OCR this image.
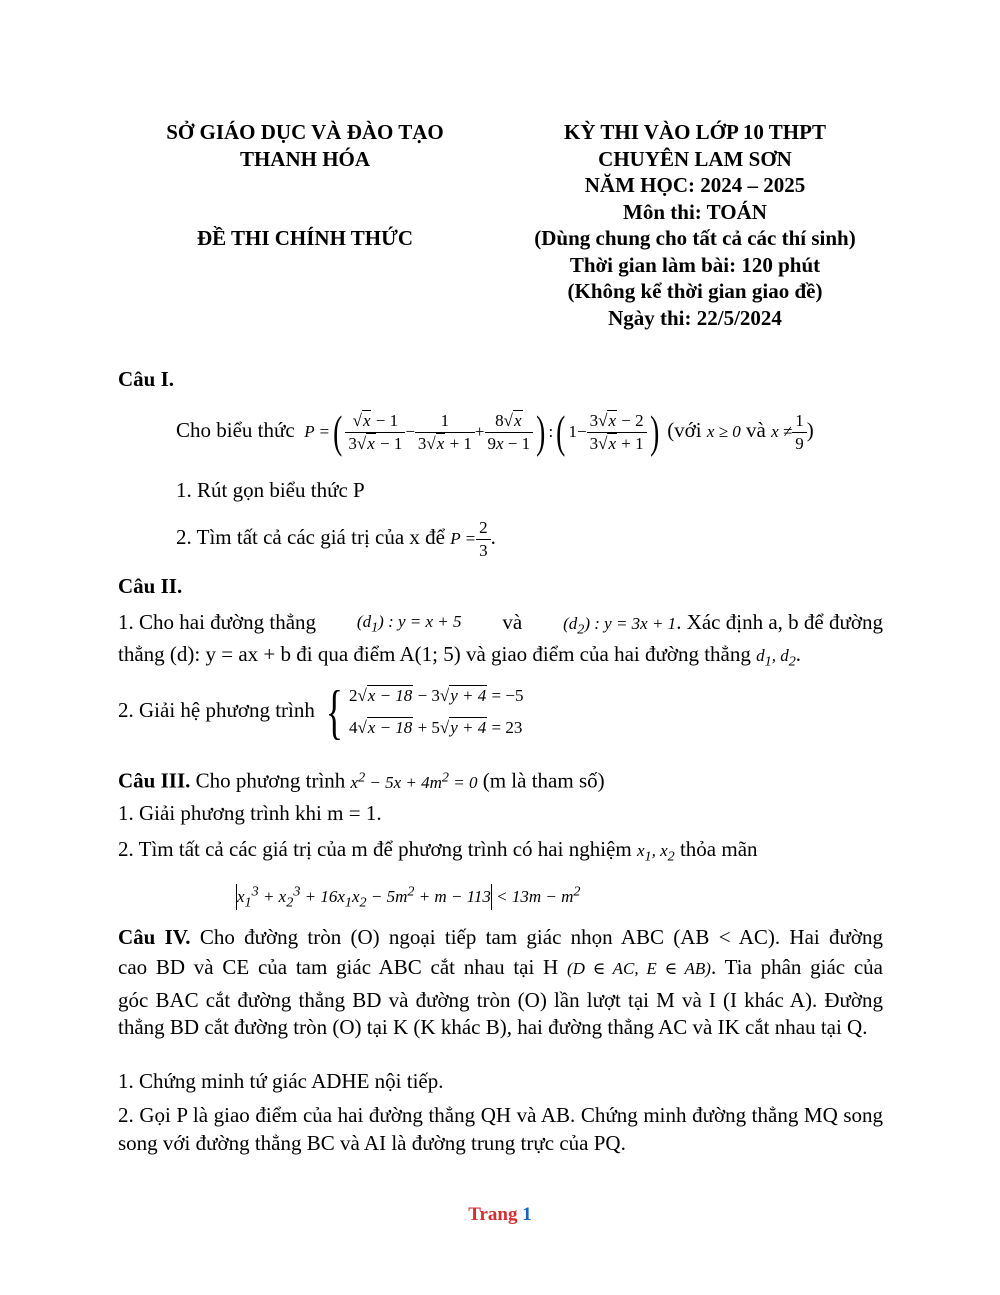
SỞ GIÁO DỤC VÀ ĐÀO TẠO
THANH HÓA
ĐỀ THI CHÍNH THỨC
KỲ THI VÀO LỚP 10 THPT
CHUYÊN LAM SƠN
NĂM HỌC: 2024 – 2025
Môn thi: TOÁN
(Dùng chung cho tất cả các thí sinh)
Thời gian làm bài: 120 phút
(Không kể thời gian giao đề)
Ngày thi: 22/5/2024
Câu I.
Cho biểu thức  P =( $\frac{√x - 1}{3√x - 1} - \frac{1}{3√x + 1} + \frac{8√x}{9x - 1}$ ) :( $1- \frac{3√x - 2}{3√x + 1}$ ) (với x ≥ 0 và $x \ne \frac{1}{9}$ )
1. Rút gọn biểu thức P
2. Tìm tất cả các giá trị của x để $P = \frac{2}{3}$ .
Câu II.
1. Cho hai đường thẳng $(d_1)$ : y = x + 5 và $(d_2)$ : y = 3x + 1. Xác định a, b để đường
thẳng (d): y = ax + b đi qua điểm A(1; 5) và giao điểm của hai đường thẳng $d_1$, $d_2$.
2. Giải hệ phương trình { 2√x − 18 − 3√y + 4 = −5
4√x − 18 + 5√y + 4 = 23
Câu III. Cho phương trình $x^2 - 5x + 4m^2 = 0$ (m là tham số)
1. Giải phương trình khi m = 1.
2. Tìm tất cả các giá trị của m để phương trình có hai nghiệm $x_1$, $x_2$ thỏa mãn
$x_1^3 + x_2^3 + 16x_1x_2 - 5m^2 + m - 113 < 13m - m^2$
Câu IV. Cho đường tròn (O) ngoại tiếp tam giác nhọn ABC (AB < AC). Hai đường
cao BD và CE của tam giác ABC cắt nhau tại H (D ∈ AC, E ∈ AB). Tia phân giác của
góc BAC cắt đường thẳng BD và đường tròn (O) lần lượt tại M và I (I khác A). Đường thẳng BD cắt đường tròn (O) tại K (K khác B), hai đường thẳng AC và IK cắt nhau tại Q.
1. Chứng minh tứ giác ADHE nội tiếp.
2. Gọi P là giao điểm của hai đường thẳng QH và AB. Chứng minh đường thẳng MQ song song với đường thẳng BC và AI là đường trung trực của PQ.
Trang 1
